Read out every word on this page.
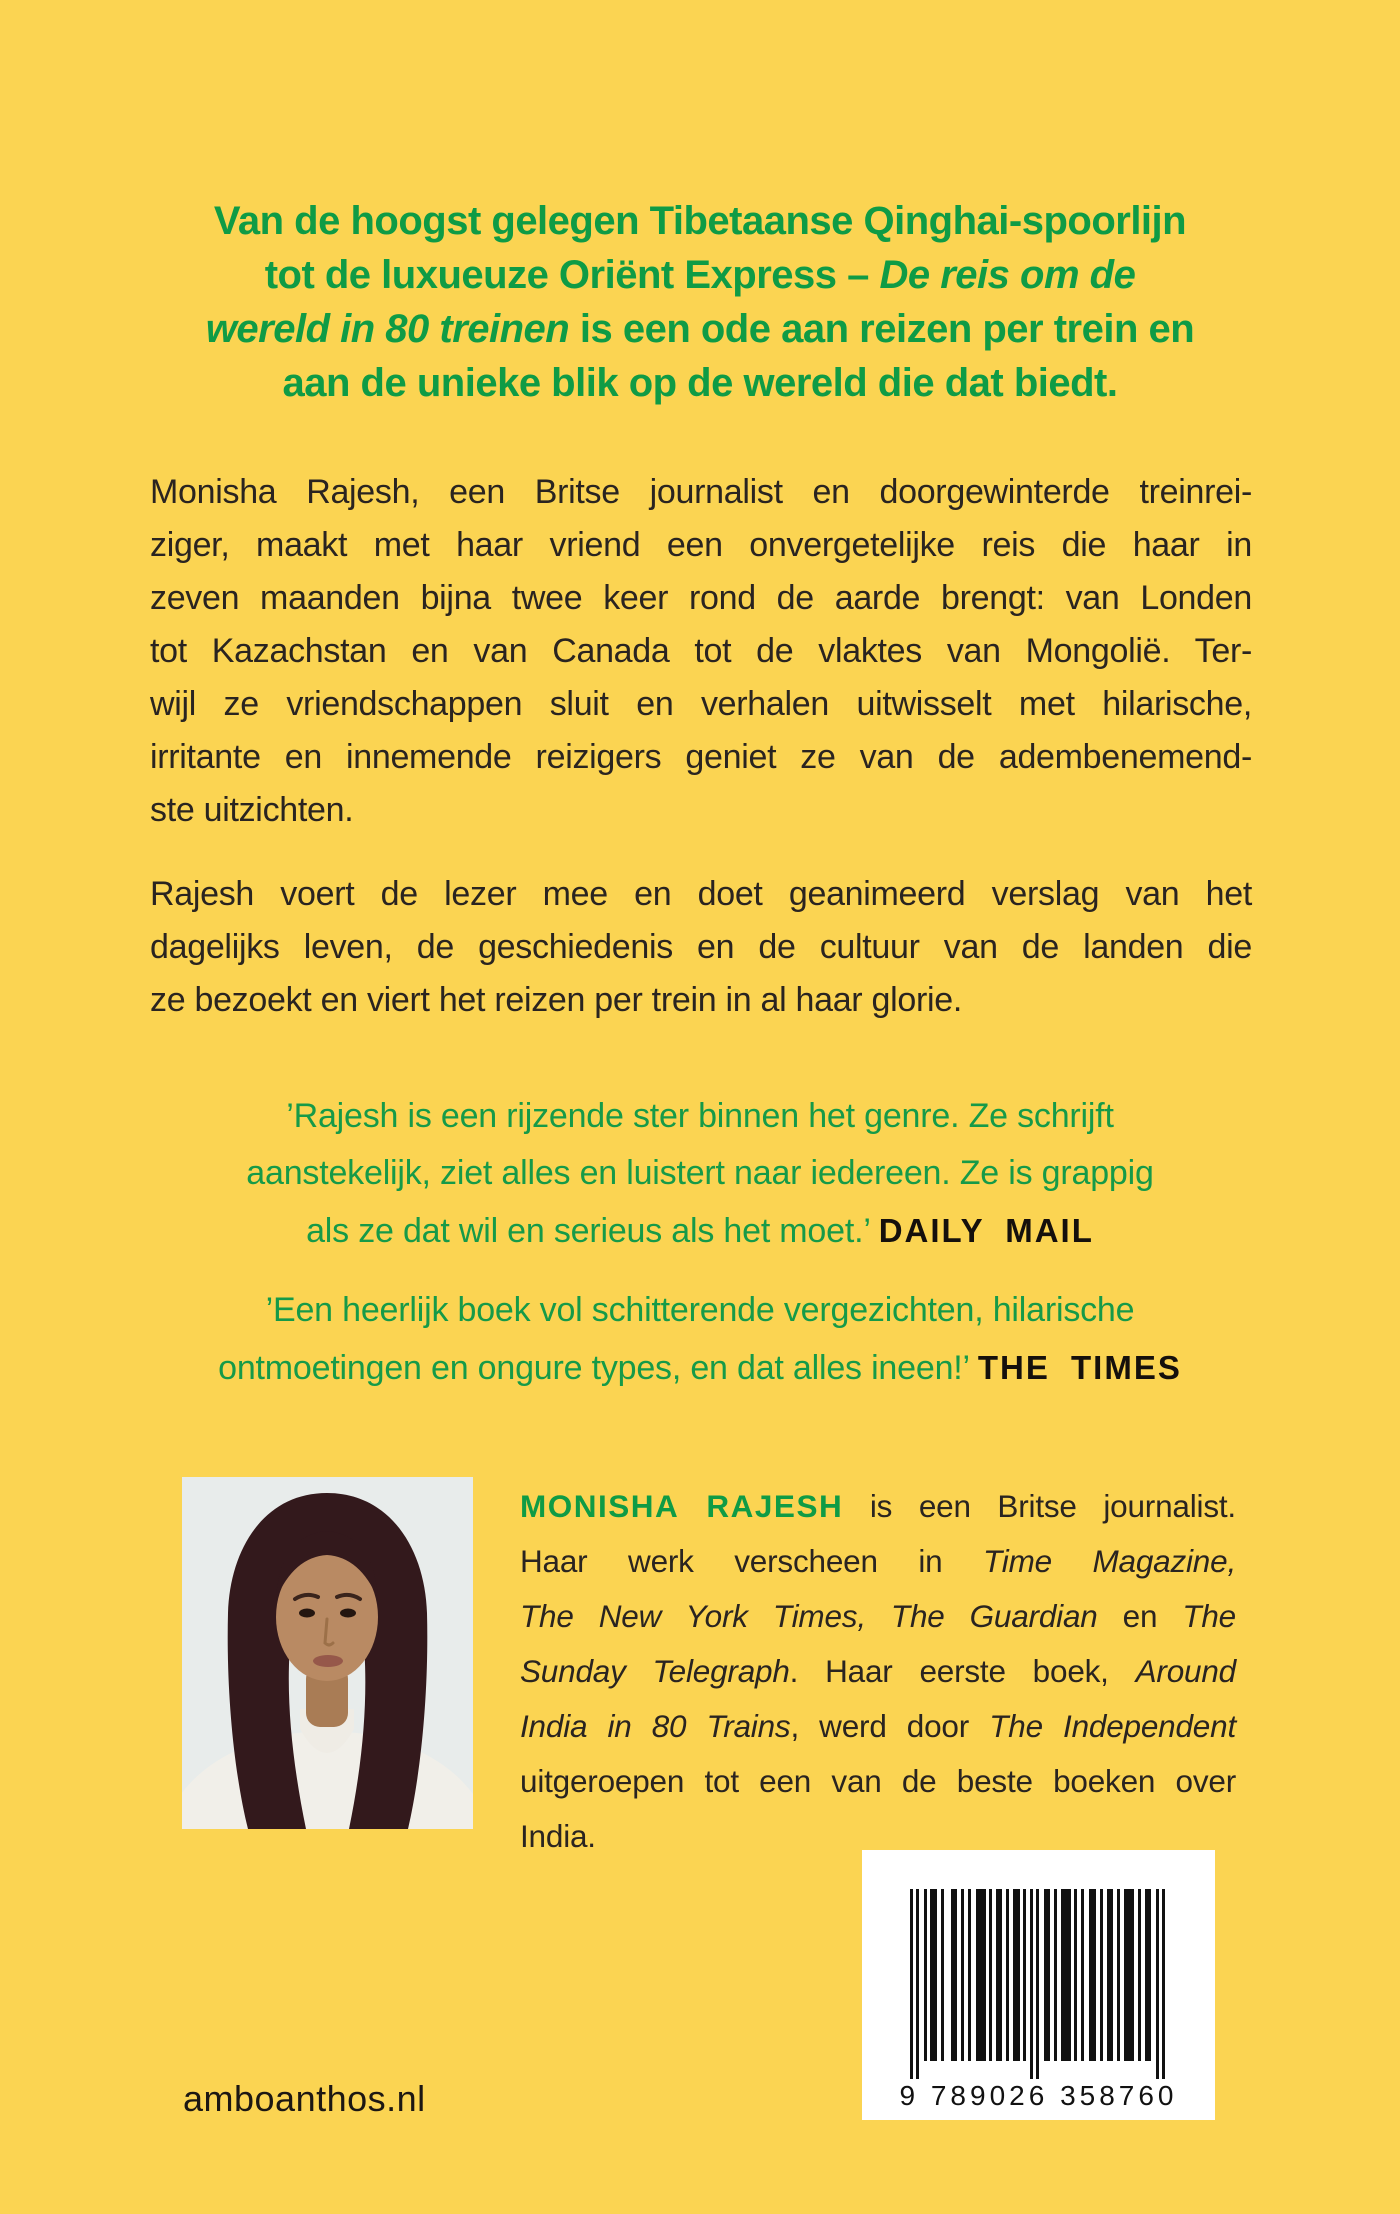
Van de hoogst gelegen Tibetaanse Qinghai-spoorlijn
tot de luxueuze Oriënt Express – De reis om de
wereld in 80 treinen is een ode aan reizen per trein en
aan de unieke blik op de wereld die dat biedt.
Monisha Rajesh, een Britse journalist en doorgewinterde treinrei-
ziger, maakt met haar vriend een onvergetelijke reis die haar in
zeven maanden bijna twee keer rond de aarde brengt: van Londen
tot Kazachstan en van Canada tot de vlaktes van Mongolië. Ter-
wijl ze vriendschappen sluit en verhalen uitwisselt met hilarische,
irritante en innemende reizigers geniet ze van de adembenemend-
ste uitzichten.
Rajesh voert de lezer mee en doet geanimeerd verslag van het
dagelijks leven, de geschiedenis en de cultuur van de landen die
ze bezoekt en viert het reizen per trein in al haar glorie.
’Rajesh is een rijzende ster binnen het genre. Ze schrijft
aanstekelijk, ziet alles en luistert naar iedereen. Ze is grappig
als ze dat wil en serieus als het moet.’ DAILY MAIL
’Een heerlijk boek vol schitterende vergezichten, hilarische
ontmoetingen en ongure types, en dat alles ineen!’ THE TIMES
MONISHA RAJESH is een Britse journalist.
Haar werk verscheen in Time Magazine,
The New York Times, The Guardian en The
Sunday Telegraph. Haar eerste boek, Around
India in 80 Trains, werd door The Independent
uitgeroepen tot een van de beste boeken over
India.
9 789026 358760
amboanthos.nl
